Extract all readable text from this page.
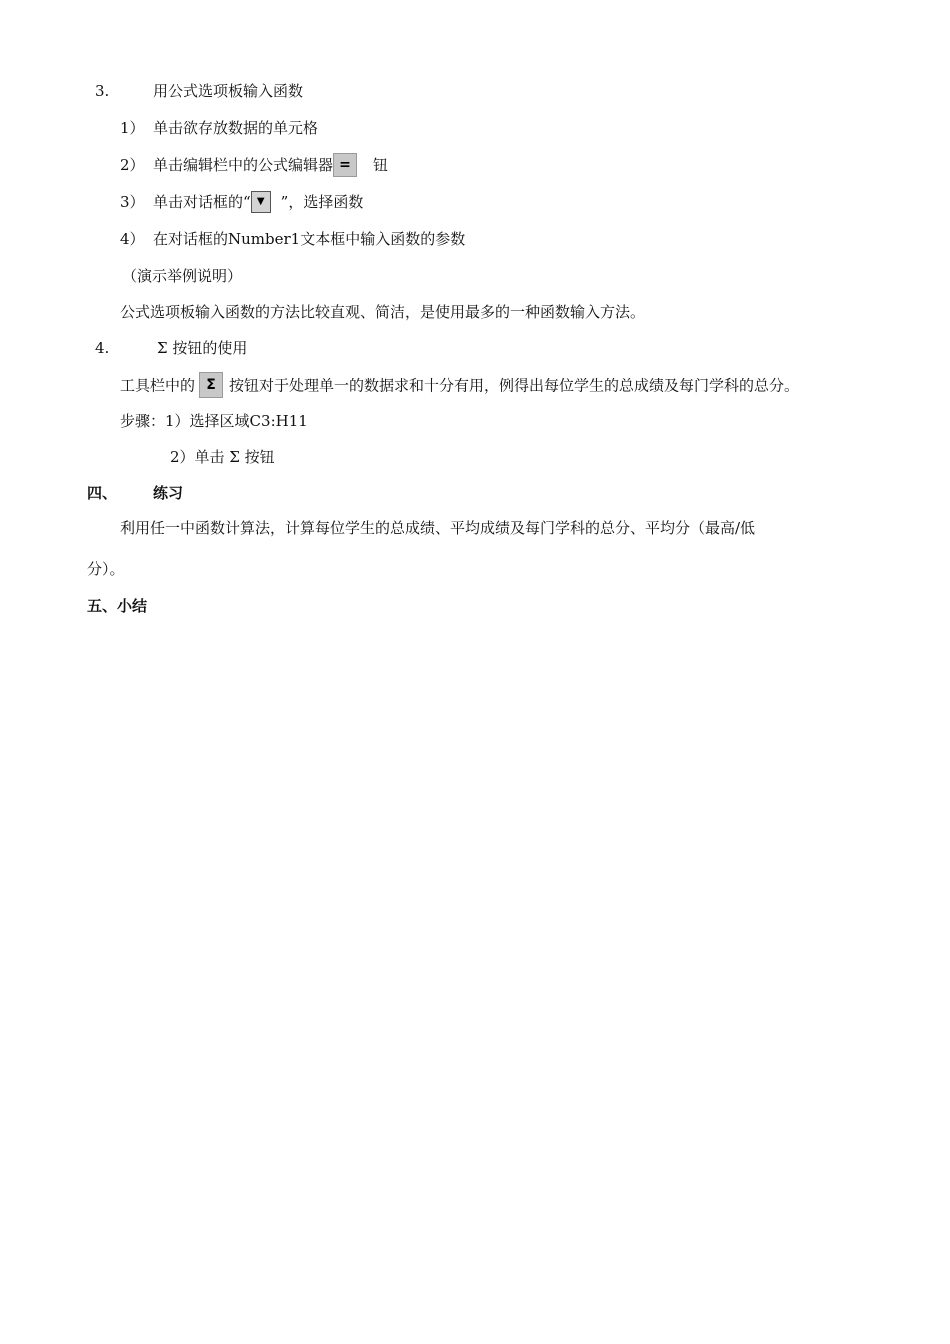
3.	用公式选项板输入函数
1） 单击欲存放数据的单元格
2） 单击编辑栏中的公式编辑器 = 钮
3） 单击对话框的“ ▼ ”，选择函数
4） 在对话框的Number1文本框中输入函数的参数
（演示举例说明）
公式选项板输入函数的方法比较直观、简洁，是使用最多的一种函数输入方法。
4.	Σ 按钮的使用
工具栏中的 Σ 按钮对于处理单一的数据求和十分有用，例得出每位学生的总成绩及每门学科的总分。
步骤：1）选择区域C3:H11
2）单击 Σ 按钮
四、 练习
利用任一中函数计算法，计算每位学生的总成绩、平均成绩及每门学科的总分、平均分（最高/低
分）。
五、小结
